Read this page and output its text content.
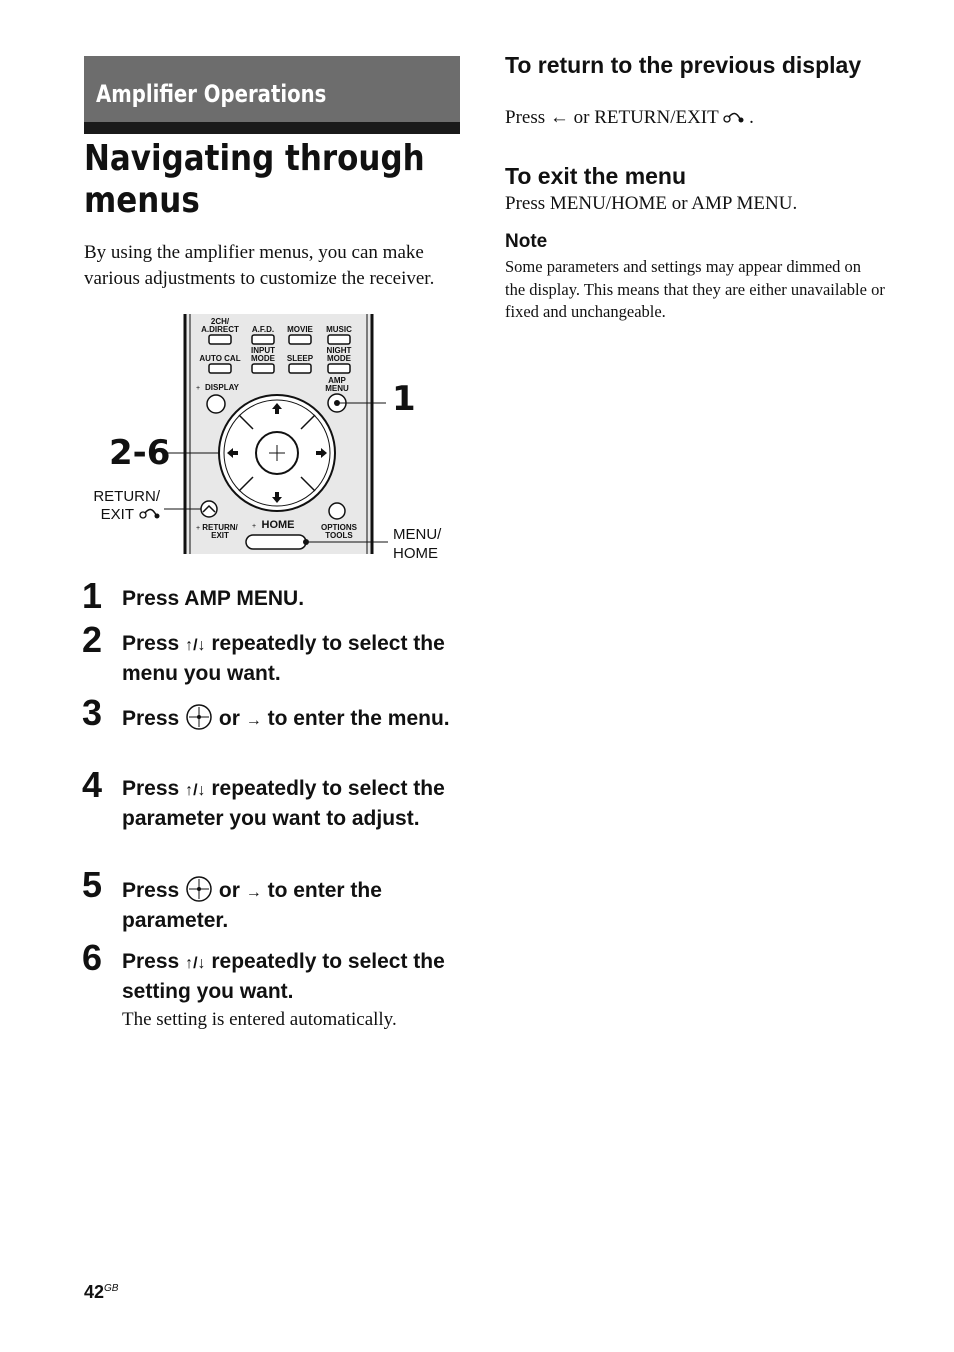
Amplifier Operations
Navigating through menus
By using the amplifier menus, you can make various adjustments to customize the receiver.
2CH/
A.DIRECT A.F.D. MOVIE MUSIC
AUTO CAL
INPUT
MODE SLEEP
NIGHT
MODE
DISPLAY
AMP
MENU
RETURN/
EXIT
HOME	OPTIONS
TOOLS
+
+	+
1
2-6
RETURN/
EXIT
MENU/
HOME
1 Press AMP MENU.
2 Press ↑/↓ repeatedly to select the menu you want.
3 Press or → to enter the menu.
4 Press ↑/↓ repeatedly to select the parameter you want to adjust.
5 Press or → to enter the parameter.
6 Press ↑/↓ repeatedly to select the setting you want.
The setting is entered automatically.
To return to the previous display
Press ← or RETURN/EXIT .
To exit the menu
Press MENU/HOME or AMP MENU.
Note
Some parameters and settings may appear dimmed on the display. This means that they are either unavailable or fixed and unchangeable.
$42^{GB}$
